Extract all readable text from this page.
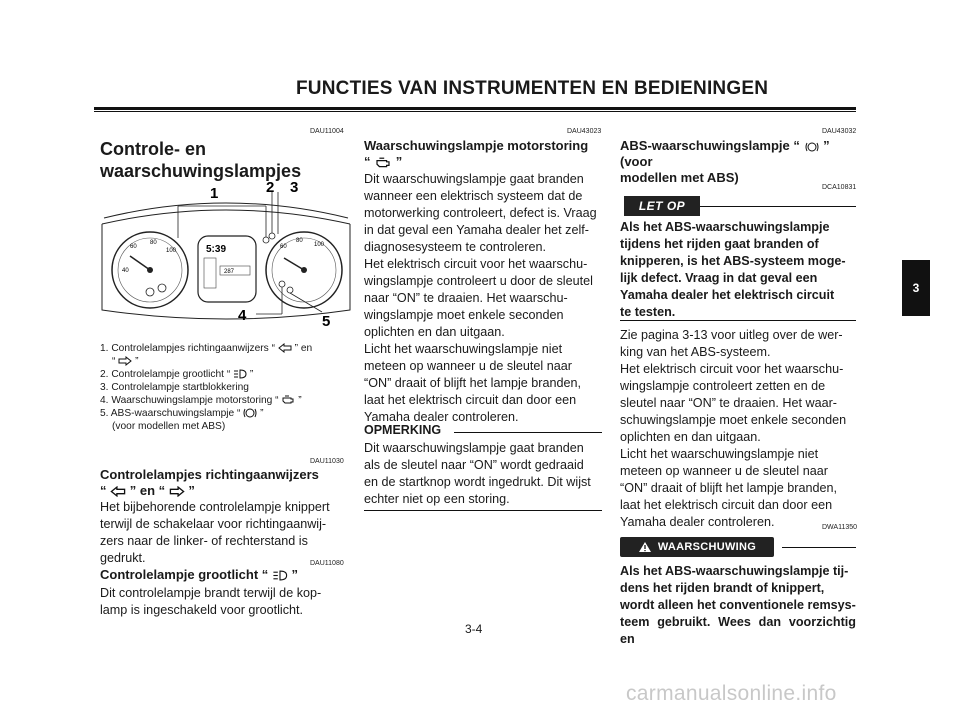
FUNCTIES VAN INSTRUMENTEN EN BEDIENINGEN
3
DAU11004
Controle- en
waarschuwingslampjes
60
80
100
40
5:39
287
60
80
100
1	2 3
4	5
1. Controlelampjes richtingaanwijzers “ ” en
“ ”
2. Controlelampje grootlicht “ ”
3. Controlelampje startblokkering
4. Waarschuwingslampje motorstoring “ ”
5. ABS-waarschuwingslampje “ ”
(voor modellen met ABS)
DAU11030
Controlelampjes richtingaanwijzers
“ ” en “ ”
Het bijbehorende controlelampje knippert
terwijl de schakelaar voor richtingaanwij-
zers naar de linker- of rechterstand is
gedrukt.	DAU11080
Controlelampje grootlicht “ ”
Dit controlelampje brandt terwijl de kop-
lamp is ingeschakeld voor grootlicht.
DAU43023
Waarschuwingslampje motorstoring
“ ”
Dit waarschuwingslampje gaat branden
wanneer een elektrisch systeem dat de
motorwerking controleert, defect is. Vraag
in dat geval een Yamaha dealer het zelf-
diagnosesysteem te controleren.
Het elektrisch circuit voor het waarschu-
wingslampje controleert u door de sleutel
naar “ON” te draaien. Het waarschu-
wingslampje moet enkele seconden
oplichten en dan uitgaan.
Licht het waarschuwingslampje niet
meteen op wanneer u de sleutel naar
“ON” draait of blijft het lampje branden,
laat het elektrisch circuit dan door een
Yamaha dealer controleren.
OPMERKING
Dit waarschuwingslampje gaat branden
als de sleutel naar “ON” wordt gedraaid
en de startknop wordt ingedrukt. Dit wijst
echter niet op een storing.
DAU43032
ABS-waarschuwingslampje “ ” (voor
modellen met ABS)
DCA10831
LET OP
Als het ABS-waarschuwingslampje
tijdens het rijden gaat branden of
knipperen, is het ABS-systeem moge-
lijk defect. Vraag in dat geval een
Yamaha dealer het elektrisch circuit
te testen.
Zie pagina 3-13 voor uitleg over de wer-
king van het ABS-systeem.
Het elektrisch circuit voor het waarschu-
wingslampje controleert zetten en de
sleutel naar “ON” te draaien. Het waar-
schuwingslampje moet enkele seconden
oplichten en dan uitgaan.
Licht het waarschuwingslampje niet
meteen op wanneer u de sleutel naar
“ON” draait of blijft het lampje branden,
laat het elektrisch circuit dan door een
Yamaha dealer controleren.	DWA11350
WAARSCHUWING
Als het ABS-waarschuwingslampje tij-
dens het rijden brandt of knippert,
wordt alleen het conventionele remsys-
teem gebruikt. Wees dan voorzichtig en
3-4
carmanualsonline.info
